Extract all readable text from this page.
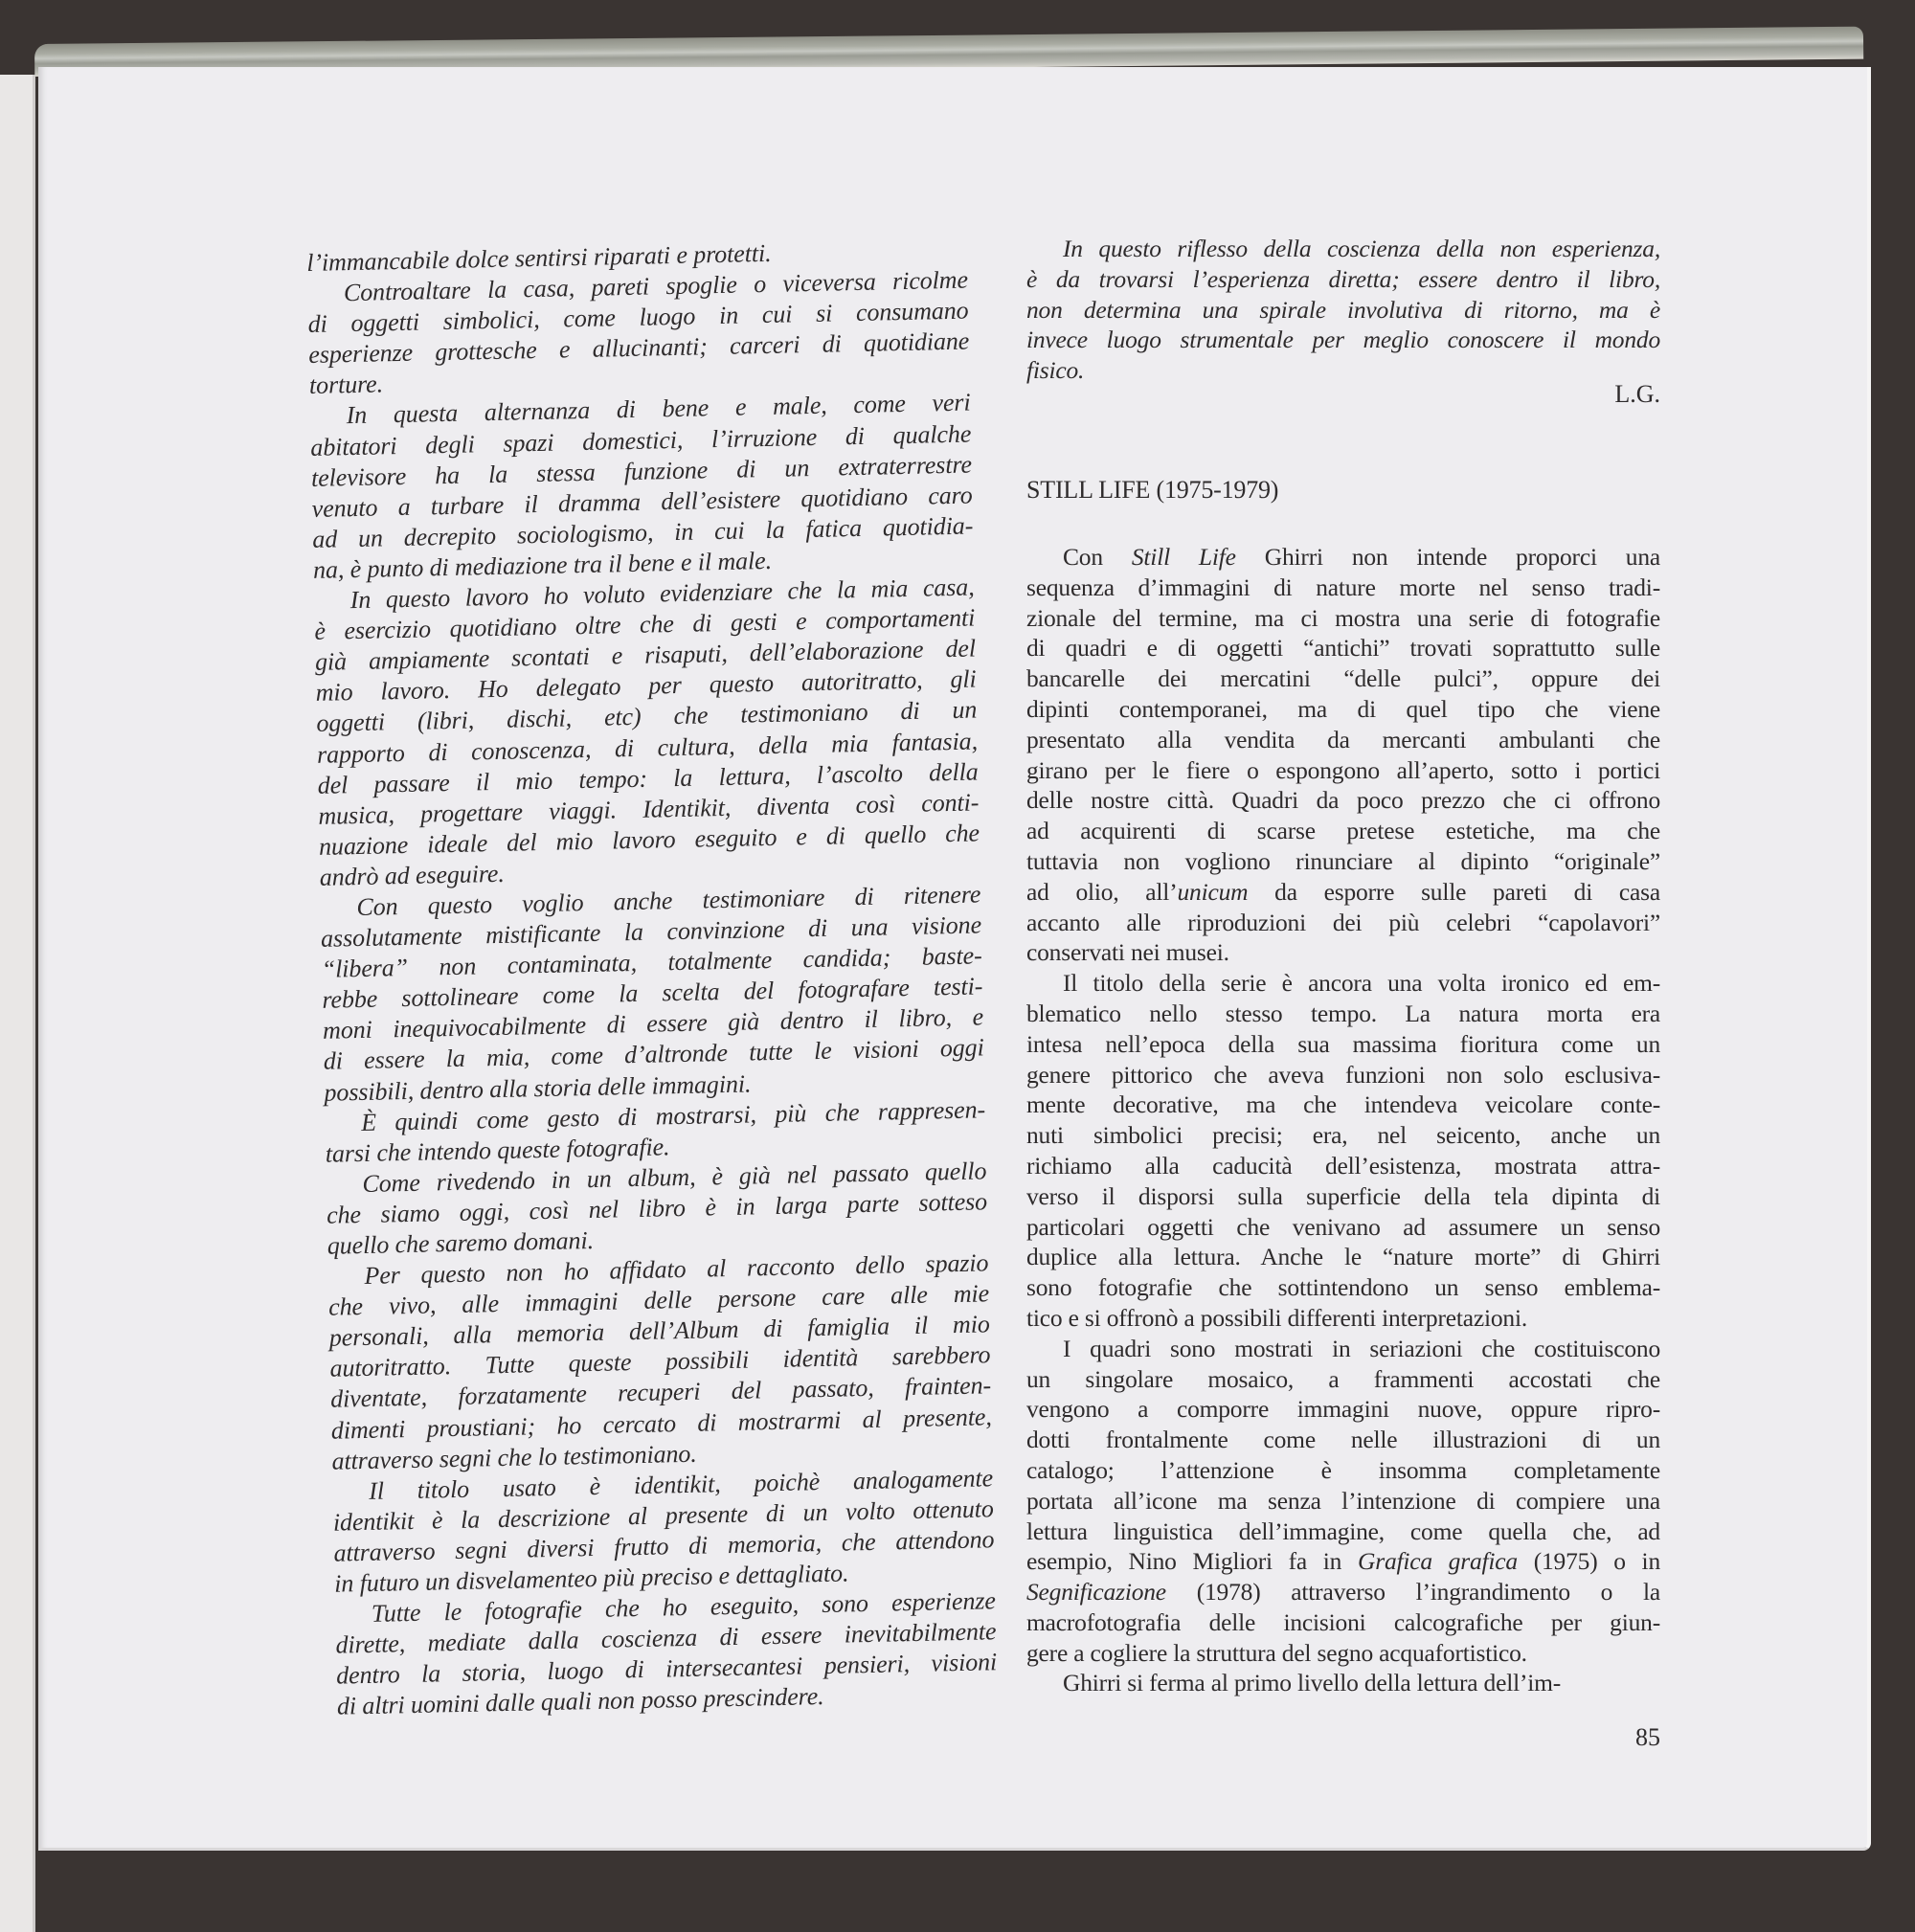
l’immancabile dolce sentirsi riparati e protetti.
Controaltare la casa, pareti spoglie o viceversa ricolme
di oggetti simbolici, come luogo in cui si consumano
esperienze grottesche e allucinanti; carceri di quotidiane
torture.
In questa alternanza di bene e male, come veri
abitatori degli spazi domestici, l’irruzione di qualche
televisore ha la stessa funzione di un extraterrestre
venuto a turbare il dramma dell’esistere quotidiano caro
ad un decrepito sociologismo, in cui la fatica quotidia-
na, è punto di mediazione tra il bene e il male.
In questo lavoro ho voluto evidenziare che la mia casa,
è esercizio quotidiano oltre che di gesti e comportamenti
già ampiamente scontati e risaputi, dell’elaborazione del
mio lavoro. Ho delegato per questo autoritratto, gli
oggetti (libri, dischi, etc) che testimoniano di un
rapporto di conoscenza, di cultura, della mia fantasia,
del passare il mio tempo: la lettura, l’ascolto della
musica, progettare viaggi. Identikit, diventa così conti-
nuazione ideale del mio lavoro eseguito e di quello che
andrò ad eseguire.
Con questo voglio anche testimoniare di ritenere
assolutamente mistificante la convinzione di una visione
“libera” non contaminata, totalmente candida; baste-
rebbe sottolineare come la scelta del fotografare testi-
moni inequivocabilmente di essere già dentro il libro, e
di essere la mia, come d’altronde tutte le visioni oggi
possibili, dentro alla storia delle immagini.
È quindi come gesto di mostrarsi, più che rappresen-
tarsi che intendo queste fotografie.
Come rivedendo in un album, è già nel passato quello
che siamo oggi, così nel libro è in larga parte sotteso
quello che saremo domani.
Per questo non ho affidato al racconto dello spazio
che vivo, alle immagini delle persone care alle mie
personali, alla memoria dell’Album di famiglia il mio
autoritratto. Tutte queste possibili identità sarebbero
diventate, forzatamente recuperi del passato, frainten-
dimenti proustiani; ho cercato di mostrarmi al presente,
attraverso segni che lo testimoniano.
Il titolo usato è identikit, poichè analogamente
identikit è la descrizione al presente di un volto ottenuto
attraverso segni diversi frutto di memoria, che attendono
in futuro un disvelamenteo più preciso e dettagliato.
Tutte le fotografie che ho eseguito, sono esperienze
dirette, mediate dalla coscienza di essere inevitabilmente
dentro la storia, luogo di intersecantesi pensieri, visioni
di altri uomini dalle quali non posso prescindere.
In questo riflesso della coscienza della non esperienza,
è da trovarsi l’esperienza diretta; essere dentro il libro,
non determina una spirale involutiva di ritorno, ma è
invece luogo strumentale per meglio conoscere il mondo
fisico.
L.G.
STILL LIFE (1975-1979)
Con Still Life Ghirri non intende proporci una
sequenza d’immagini di nature morte nel senso tradi-
zionale del termine, ma ci mostra una serie di fotografie
di quadri e di oggetti “antichi” trovati soprattutto sulle
bancarelle dei mercatini “delle pulci”, oppure dei
dipinti contemporanei, ma di quel tipo che viene
presentato alla vendita da mercanti ambulanti che
girano per le fiere o espongono all’aperto, sotto i portici
delle nostre città. Quadri da poco prezzo che ci offrono
ad acquirenti di scarse pretese estetiche, ma che
tuttavia non vogliono rinunciare al dipinto “originale”
ad olio, all’unicum da esporre sulle pareti di casa
accanto alle riproduzioni dei più celebri “capolavori”
conservati nei musei.
Il titolo della serie è ancora una volta ironico ed em-
blematico nello stesso tempo. La natura morta era
intesa nell’epoca della sua massima fioritura come un
genere pittorico che aveva funzioni non solo esclusiva-
mente decorative, ma che intendeva veicolare conte-
nuti simbolici precisi; era, nel seicento, anche un
richiamo alla caducità dell’esistenza, mostrata attra-
verso il disporsi sulla superficie della tela dipinta di
particolari oggetti che venivano ad assumere un senso
duplice alla lettura. Anche le “nature morte” di Ghirri
sono fotografie che sottintendono un senso emblema-
tico e si offronò a possibili differenti interpretazioni.
I quadri sono mostrati in seriazioni che costituiscono
un singolare mosaico, a frammenti accostati che
vengono a comporre immagini nuove, oppure ripro-
dotti frontalmente come nelle illustrazioni di un
catalogo; l’attenzione è insomma completamente
portata all’icone ma senza l’intenzione di compiere una
lettura linguistica dell’immagine, come quella che, ad
esempio, Nino Migliori fa in Grafica grafica (1975) o in
Segnificazione (1978) attraverso l’ingrandimento o la
macrofotografia delle incisioni calcografiche per giun-
gere a cogliere la struttura del segno acquafortistico.
Ghirri si ferma al primo livello della lettura dell’im-
85
